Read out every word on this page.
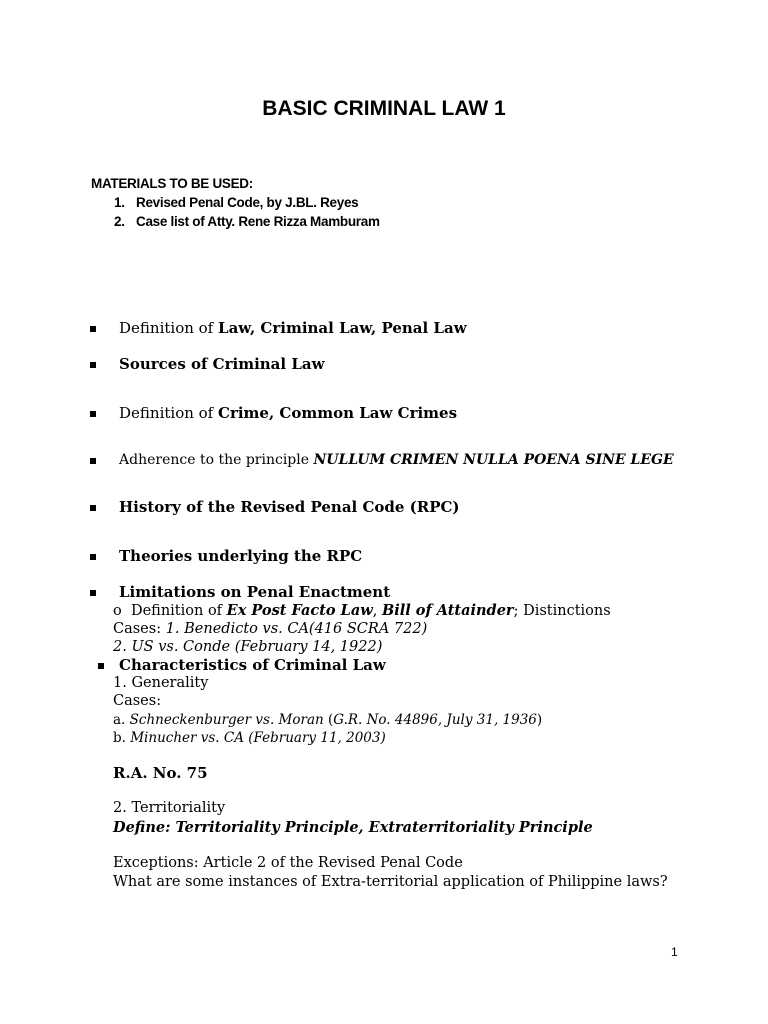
BASIC CRIMINAL LAW 1
MATERIALS TO BE USED:
1. Revised Penal Code, by J.BL. Reyes
2. Case list of Atty. Rene Rizza Mamburam
Definition of Law, Criminal Law, Penal Law
Sources of Criminal Law
Definition of Crime, Common Law Crimes
Adherence to the principle NULLUM CRIMEN NULLA POENA SINE LEGE
History of the Revised Penal Code (RPC)
Theories underlying the RPC
Limitations on Penal Enactment
o Definition of Ex Post Facto Law, Bill of Attainder; Distinctions
Cases: 1. Benedicto vs. CA(416 SCRA 722)
2. US vs. Conde (February 14, 1922)
Characteristics of Criminal Law
1. Generality
Cases:
a. Schneckenburger vs. Moran (G.R. No. 44896, July 31, 1936)
b. Minucher vs. CA (February 11, 2003)
R.A. No. 75
2. Territoriality
Define: Territoriality Principle, Extraterritoriality Principle
Exceptions: Article 2 of the Revised Penal Code
What are some instances of Extra-territorial application of Philippine laws?
1
